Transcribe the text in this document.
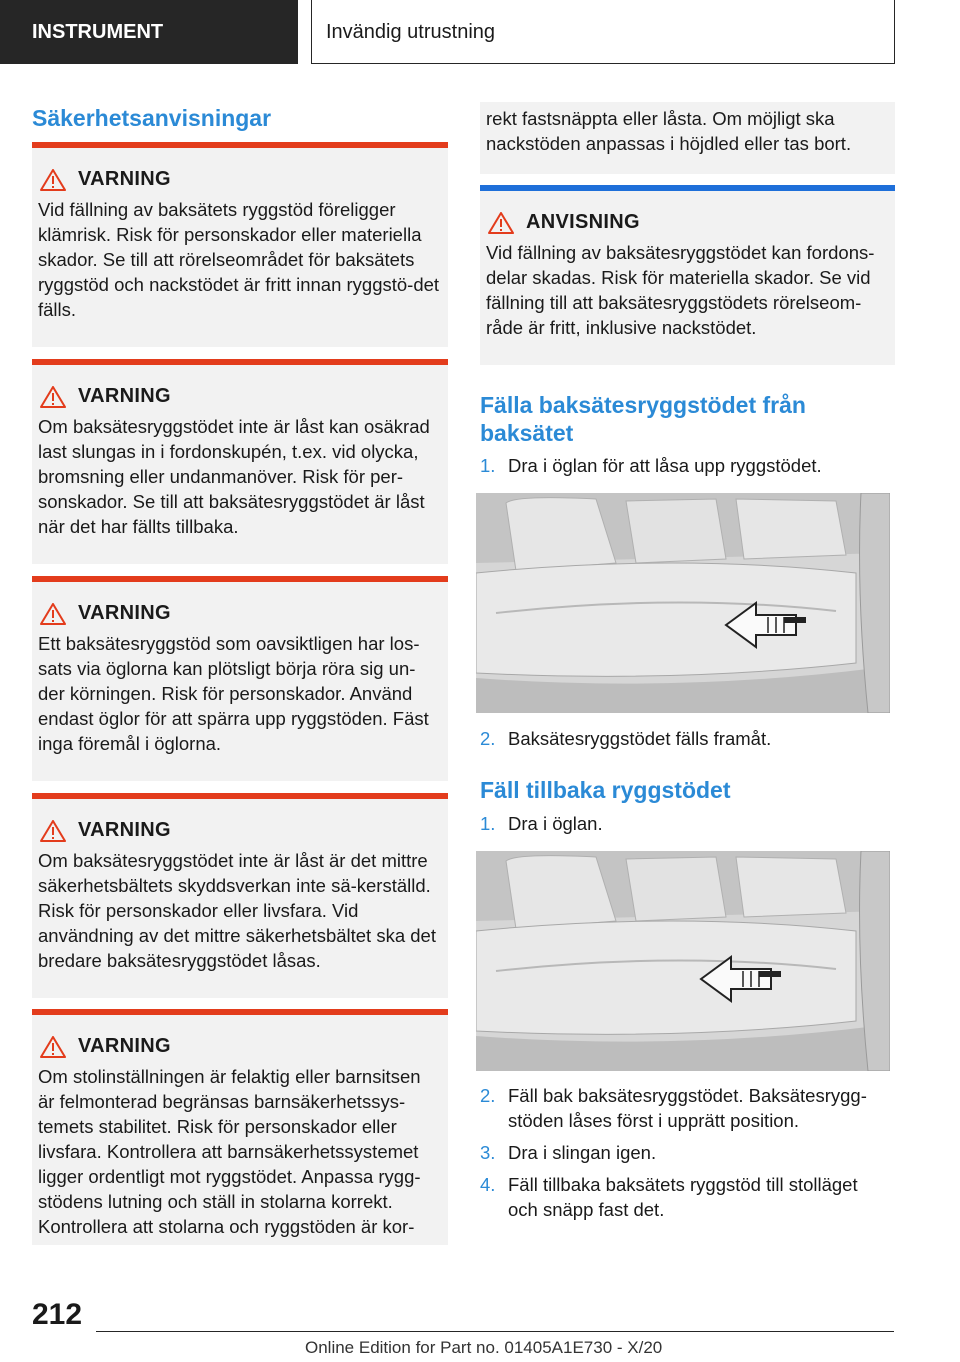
INSTRUMENT	Invändig utrustning
Säkerhetsanvisningar
VARNING

Vid fällning av baksätets ryggstöd föreligger klämrisk. Risk för personskador eller materiella skador. Se till att rörelseområdet för baksätets ryggstöd och nackstödet är fritt innan ryggstö-det fälls.

VARNING

Om baksätesryggstödet inte är låst kan osäkrad last slungas in i fordonskupén, t.ex. vid olycka, bromsning eller undanmanöver. Risk för per-sonskador. Se till att baksätesryggstödet är låst när det har fällts tillbaka.

VARNING

Ett baksätesryggstöd som oavsiktligen har los-sats via öglorna kan plötsligt börja röra sig un-der körningen. Risk för personskador. Använd endast öglor för att spärra upp ryggstöden. Fäst inga föremål i öglorna.

VARNING

Om baksätesryggstödet inte är låst är det mittre säkerhetsbältets skyddsverkan inte sä-kerställd. Risk för personskador eller livsfara. Vid användning av det mittre säkerhetsbältet ska det bredare baksätesryggstödet låsas.

VARNING

Om stolinställningen är felaktig eller barnsitsen är felmonterad begränsas barnsäkerhetssys-temets stabilitet. Risk för personskador eller livsfara. Kontrollera att barnsäkerhetssystemet ligger ordentligt mot ryggstödet. Anpassa rygg-stödens lutning och ställ in stolarna korrekt. Kontrollera att stolarna och ryggstöden är kor-

rekt fastsnäppta eller låsta. Om möjligt ska nackstöden anpassas i höjdled eller tas bort.

ANVISNING

Vid fällning av baksätesryggstödet kan fordons-delar skadas. Risk för materiella skador. Se vid fällning till att baksätesryggstödets rörelseom-råde är fritt, inklusive nackstödet.

Fälla baksätesryggstödet från
baksätet
1. Dra i öglan för att låsa upp ryggstödet.
2. Baksätesryggstödet fälls framåt.
Fäll tillbaka ryggstödet
1. Dra i öglan.
2. Fäll bak baksätesryggstödet. Baksätesrygg-stöden låses först i upprätt position.
3. Dra i slingan igen.
4. Fäll tillbaka baksätets ryggstöd till stolläget och snäpp fast det.
212
Online Edition for Part no. 01405A1E730 - X/20
